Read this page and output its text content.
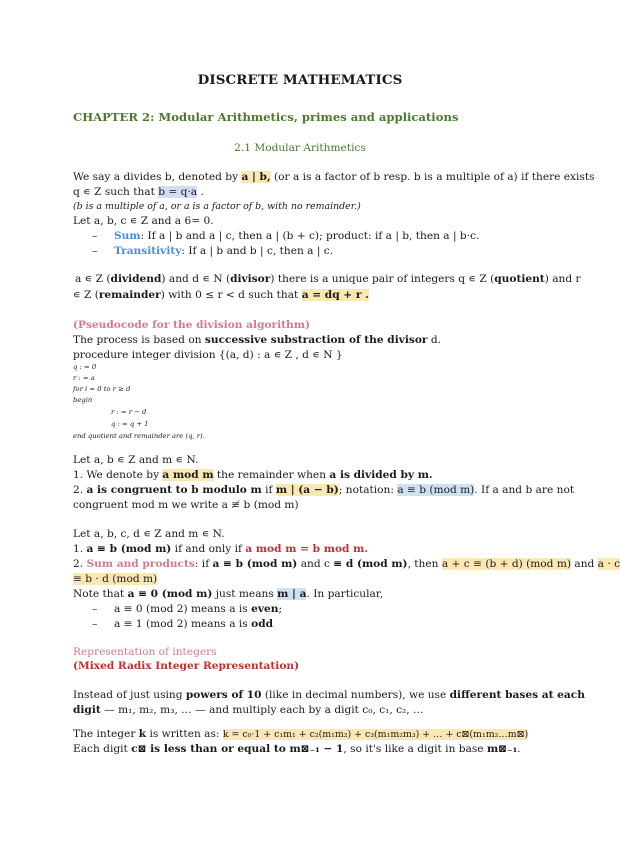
DISCRETE MATHEMATICS
CHAPTER 2: Modular Arithmetics, primes and applications
2.1 Modular Arithmetics
We say a divides b, denoted by a | b, (or a is a factor of b resp. b is a multiple of a) if there exists
q ∊ Z such that b = q·a .
(b is a multiple of a, or a is a factor of b, with no remainder.)
Let a, b, c ∊ Z and a 6= 0.
– Sum: If a | b and a | c, then a | (b + c); product: if a | b, then a | b·c.
– Transitivity: If a | b and b | c, then a | c.
a ∊ Z (dividend) and d ∊ N (divisor) there is a unique pair of integers q ∊ Z (quotient) and r
∊ Z (remainder) with 0 ≤ r < d such that a = dq + r .
(Pseudocode for the division algorithm)
The process is based on successive substraction of the divisor d.
procedure integer division {(a, d) : a ∊ Z , d ∊ N }
q : = 0
r : = a
for i = 0 to r ≥ d
begin
r : = r − d
q : = q + 1
end quotient and remainder are (q, r).
Let a, b ∊ Z and m ∊ N.
1. We denote by a mod m the remainder when a is divided by m.
2. a is congruent to b modulo m if m | (a − b); notation: a ≡ b (mod m). If a and b are not
congruent mod m we write a ≢ b (mod m)
Let a, b, c, d ∊ Z and m ∊ N.
1. a ≡ b (mod m) if and only if a mod m = b mod m.
2. Sum and products: if a ≡ b (mod m) and c ≡ d (mod m), then a + c ≡ (b + d) (mod m) and a · c
≡ b · d (mod m)
Note that a ≡ 0 (mod m) just means m | a. In particular,
– a ≡ 0 (mod 2) means a is even;
– a ≡ 1 (mod 2) means a is odd
Representation of integers
(Mixed Radix Integer Representation)
Instead of just using powers of 10 (like in decimal numbers), we use different bases at each
digit — m₁, m₂, m₃, … — and multiply each by a digit c₀, c₁, c₂, …
The integer k is written as: k = c₀·1 + c₁m₁ + c₂(m₁m₂) + c₃(m₁m₂m₃) + … + c⊠(m₁m₂…m⊠)
Each digit c⊠ is less than or equal to m⊠₋₁ − 1, so it's like a digit in base m⊠₋₁.
